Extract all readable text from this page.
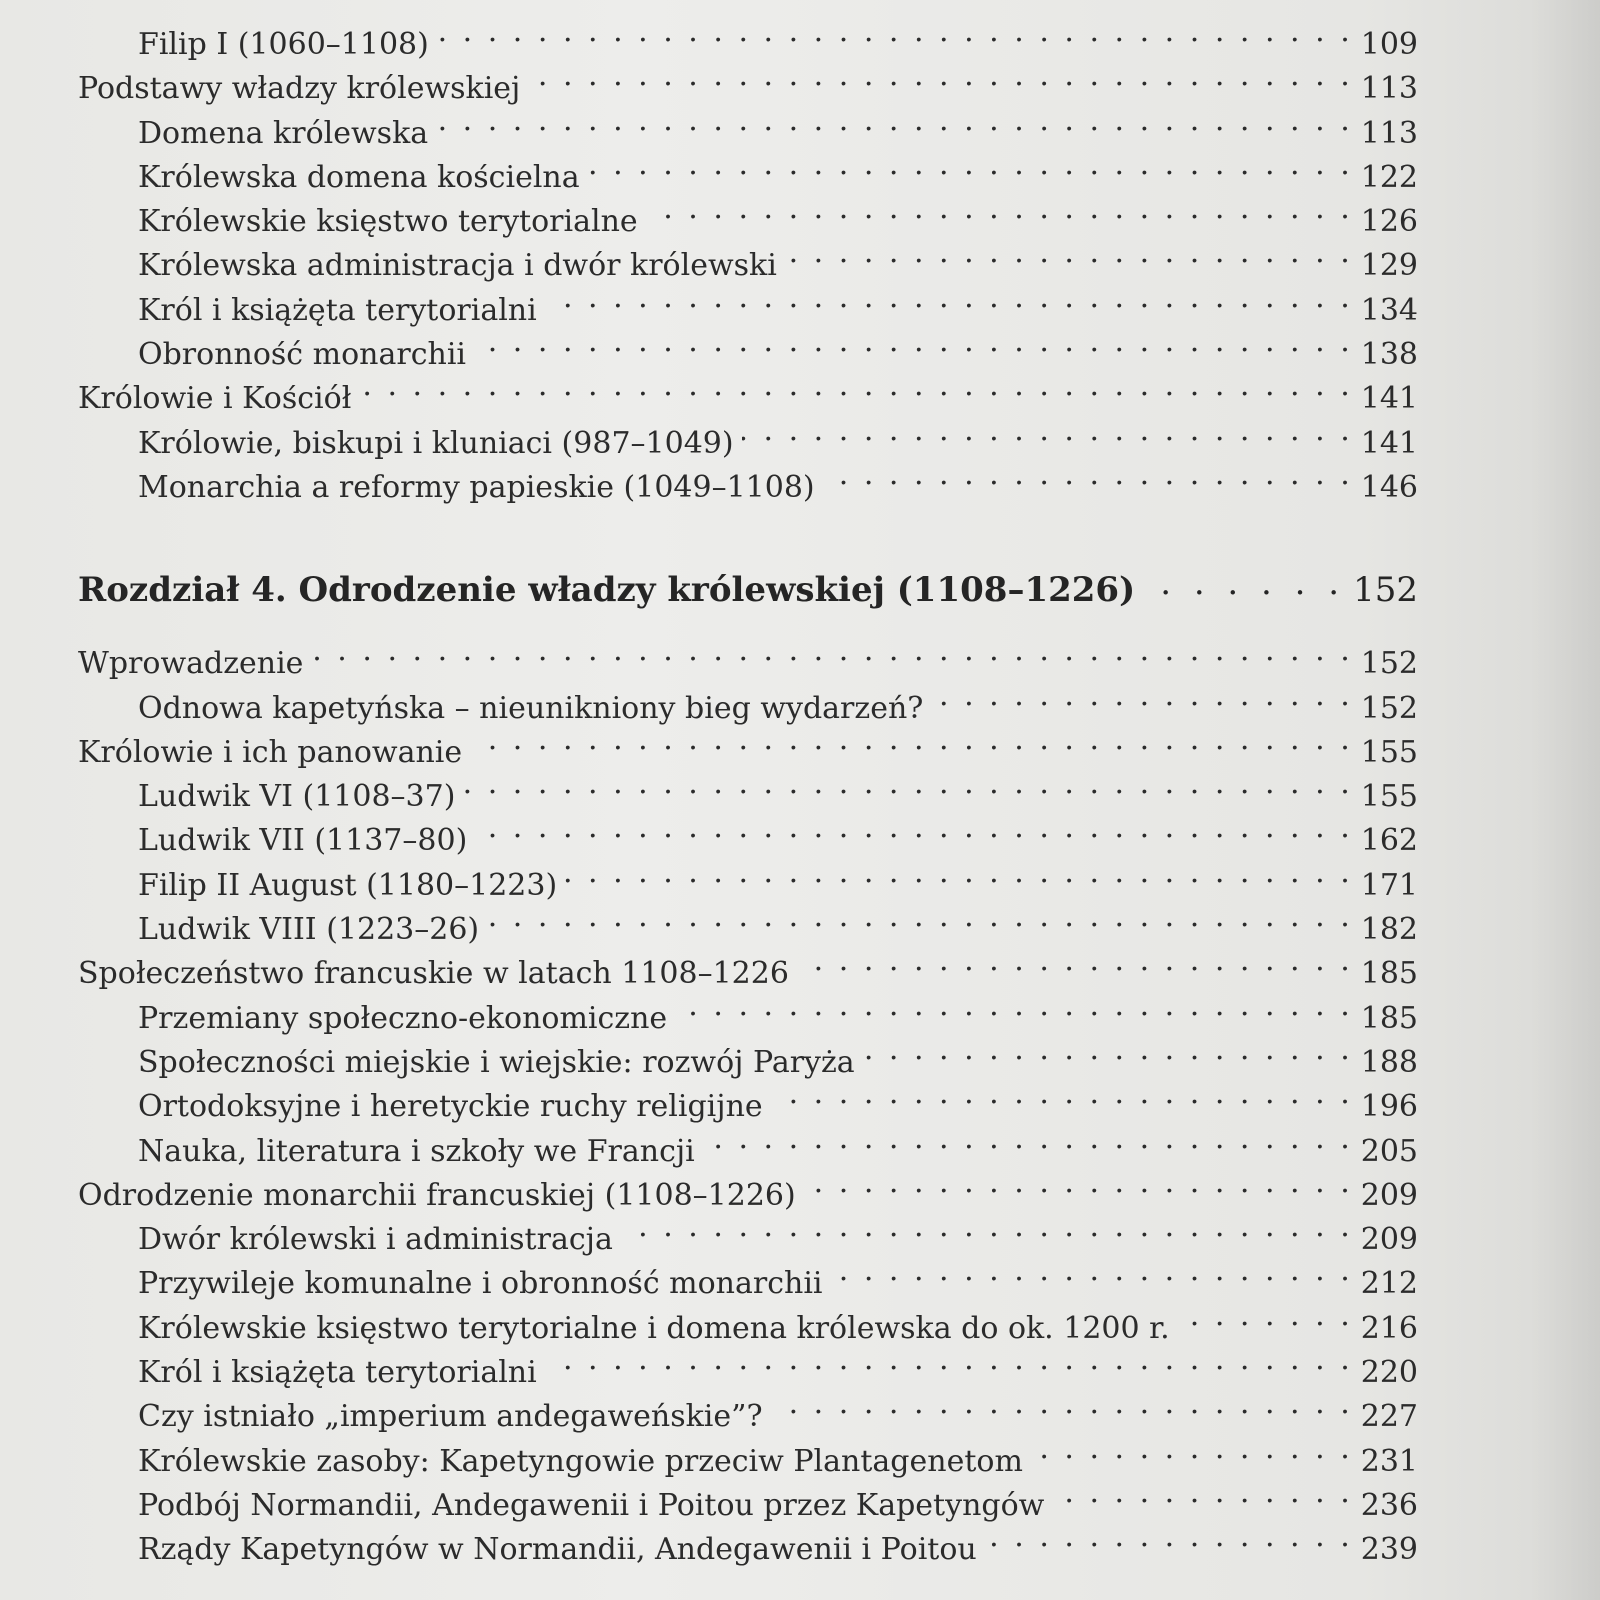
Filip I (1060–1108) . . .	109
Podstawy władzy królewskiej . . .	113
Domena królewska . . .	113
Królewska domena kościelna . . .	122
Królewskie księstwo terytorialne . . .	126
Królewska administracja i dwór królewski . . .	129
Król i książęta terytorialni . . .	134
Obronność monarchii . . .	138
Królowie i Kościół . . .	141
Królowie, biskupi i kluniaci (987–1049) . . .	141
Monarchia a reformy papieskie (1049–1108) . . .	146
Rozdział 4. Odrodzenie władzy królewskiej (1108–1226) . . .	152
Wprowadzenie . . .	152
Odnowa kapetyńska – nieunikniony bieg wydarzeń? . . .	152
Królowie i ich panowanie . . .	155
Ludwik VI (1108–37) . . .	155
Ludwik VII (1137–80) . . .	162
Filip II August (1180–1223) . . .	171
Ludwik VIII (1223–26) . . .	182
Społeczeństwo francuskie w latach 1108–1226 . . .	185
Przemiany społeczno-ekonomiczne . . .	185
Społeczności miejskie i wiejskie: rozwój Paryża . . .	188
Ortodoksyjne i heretyckie ruchy religijne . . .	196
Nauka, literatura i szkoły we Francji . . .	205
Odrodzenie monarchii francuskiej (1108–1226) . . .	209
Dwór królewski i administracja . . .	209
Przywileje komunalne i obronność monarchii . . .	212
Królewskie księstwo terytorialne i domena królewska do ok. 1200 r. . . .	216
Król i książęta terytorialni . . .	220
Czy istniało „imperium andegaweńskie”? . . .	227
Królewskie zasoby: Kapetyngowie przeciw Plantagenetom . . .	231
Podbój Normandii, Andegawenii i Poitou przez Kapetyngów . . .	236
Rządy Kapetyngów w Normandii, Andegawenii i Poitou . . .	239
